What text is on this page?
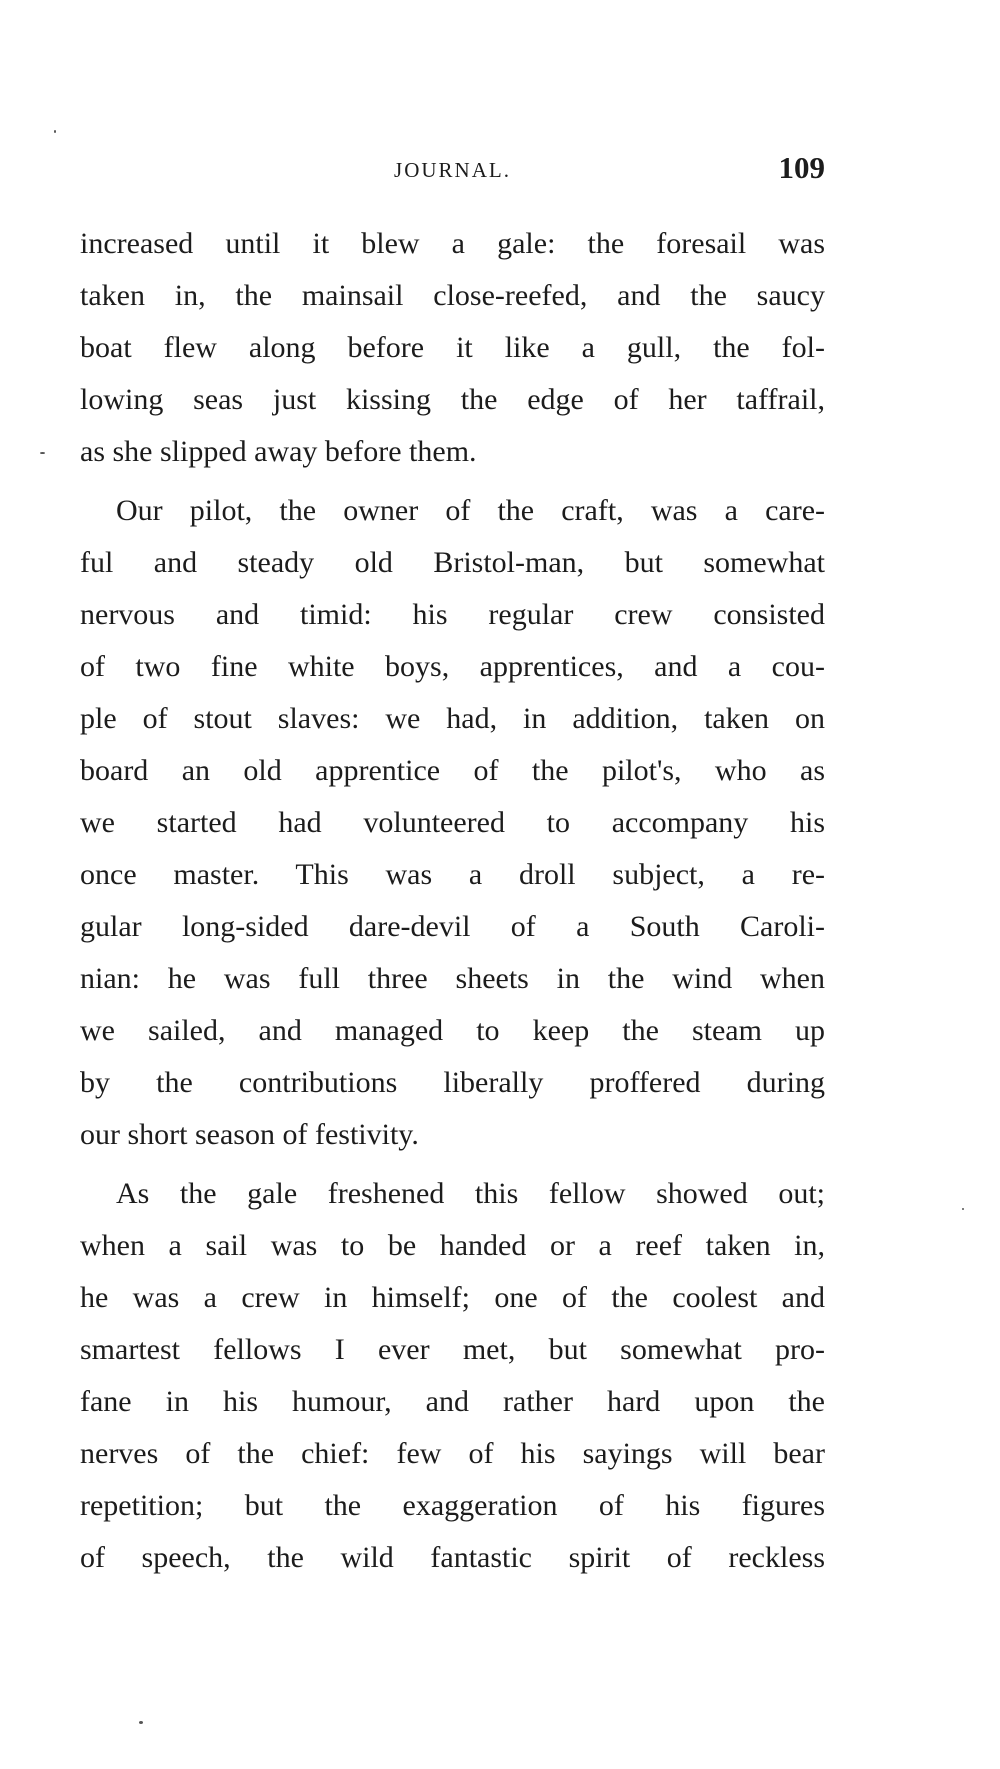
JOURNAL.	109
increased until it blew a gale: the foresail was
taken in, the mainsail close-reefed, and the saucy
boat flew along before it like a gull, the fol-
lowing seas just kissing the edge of her taffrail,
as she slipped away before them.
Our pilot, the owner of the craft, was a care-
ful and steady old Bristol-man, but somewhat
nervous and timid: his regular crew consisted
of two fine white boys, apprentices, and a cou-
ple of stout slaves: we had, in addition, taken on
board an old apprentice of the pilot's, who as
we started had volunteered to accompany his
once master. This was a droll subject, a re-
gular long-sided dare-devil of a South Caroli-
nian: he was full three sheets in the wind when
we sailed, and managed to keep the steam up
by the contributions liberally proffered during
our short season of festivity.
As the gale freshened this fellow showed out;
when a sail was to be handed or a reef taken in,
he was a crew in himself; one of the coolest and
smartest fellows I ever met, but somewhat pro-
fane in his humour, and rather hard upon the
nerves of the chief: few of his sayings will bear
repetition; but the exaggeration of his figures
of speech, the wild fantastic spirit of reckless
